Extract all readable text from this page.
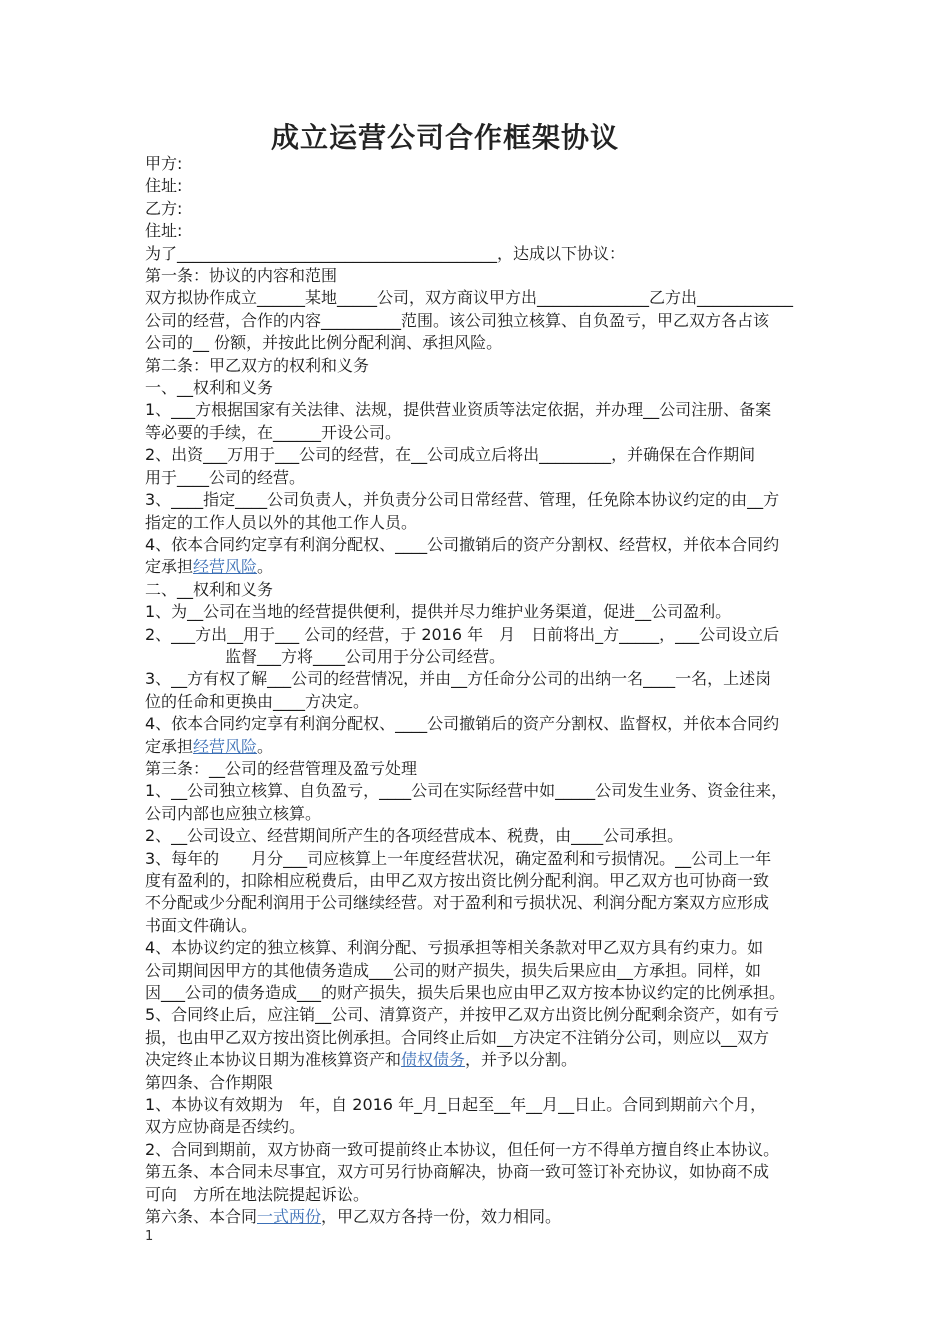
成立运营公司合作框架协议

甲方:

住址:

乙方:

住址:

为了________________________________________，达成以下协议：

第一条：协议的内容和范围

双方拟协作成立______某地_____公司，双方商议甲方出______________乙方出____________

公司的经营，合作的内容__________范围。该公司独立核算、自负盈亏，甲乙双方各占该

公司的__ 份额，并按此比例分配利润、承担风险。

第二条：甲乙双方的权利和义务

一、__权利和义务

1、___方根据国家有关法律、法规，提供营业资质等法定依据，并办理__公司注册、备案

等必要的手续，在______开设公司。

2、出资___万用于___公司的经营，在__公司成立后将出_________，并确保在合作期间

用于____公司的经营。

3、____指定____公司负责人，并负责分公司日常经营、管理，任免除本协议约定的由__方

指定的工作人员以外的其他工作人员。

4、依本合同约定享有利润分配权、____公司撤销后的资产分割权、经营权，并依本合同约

定承担经营风险。

二、__权利和义务

1、为__公司在当地的经营提供便利，提供并尽力维护业务渠道，促进__公司盈利。

2、___方出__用于___ 公司的经营，于 2016 年　月　日前将出_方_____，___公司设立后

　　　　　监督___方将____公司用于分公司经营。

3、__方有权了解___公司的经营情况，并由__方任命分公司的出纳一名____一名，上述岗

位的任命和更换由____方决定。

4、依本合同约定享有利润分配权、____公司撤销后的资产分割权、监督权，并依本合同约

定承担经营风险。

第三条：__公司的经营管理及盈亏处理

1、__公司独立核算、自负盈亏，____公司在实际经营中如_____公司发生业务、资金往来，

公司内部也应独立核算。

2、__公司设立、经营期间所产生的各项经营成本、税费，由____公司承担。

3、每年的　　月分___司应核算上一年度经营状况，确定盈利和亏损情况。__公司上一年

度有盈利的，扣除相应税费后，由甲乙双方按出资比例分配利润。甲乙双方也可协商一致

不分配或少分配利润用于公司继续经营。对于盈利和亏损状况、利润分配方案双方应形成

书面文件确认。

4、本协议约定的独立核算、利润分配、亏损承担等相关条款对甲乙双方具有约束力。如

公司期间因甲方的其他债务造成___公司的财产损失，损失后果应由__方承担。同样，如

因___公司的债务造成___的财产损失，损失后果也应由甲乙双方按本协议约定的比例承担。

5、合同终止后，应注销__公司、清算资产，并按甲乙双方出资比例分配剩余资产，如有亏

损，也由甲乙双方按出资比例承担。合同终止后如__方决定不注销分公司，则应以__双方

决定终止本协议日期为准核算资产和债权债务，并予以分割。

第四条、合作期限

1、本协议有效期为　年，自 2016 年_月_日起至__年__月__日止。合同到期前六个月，

双方应协商是否续约。

2、合同到期前，双方协商一致可提前终止本协议，但任何一方不得单方擅自终止本协议。

第五条、本合同未尽事宜，双方可另行协商解决，协商一致可签订补充协议，如协商不成

可向　方所在地法院提起诉讼。

第六条、本合同一式两份，甲乙双方各持一份，效力相同。

1
